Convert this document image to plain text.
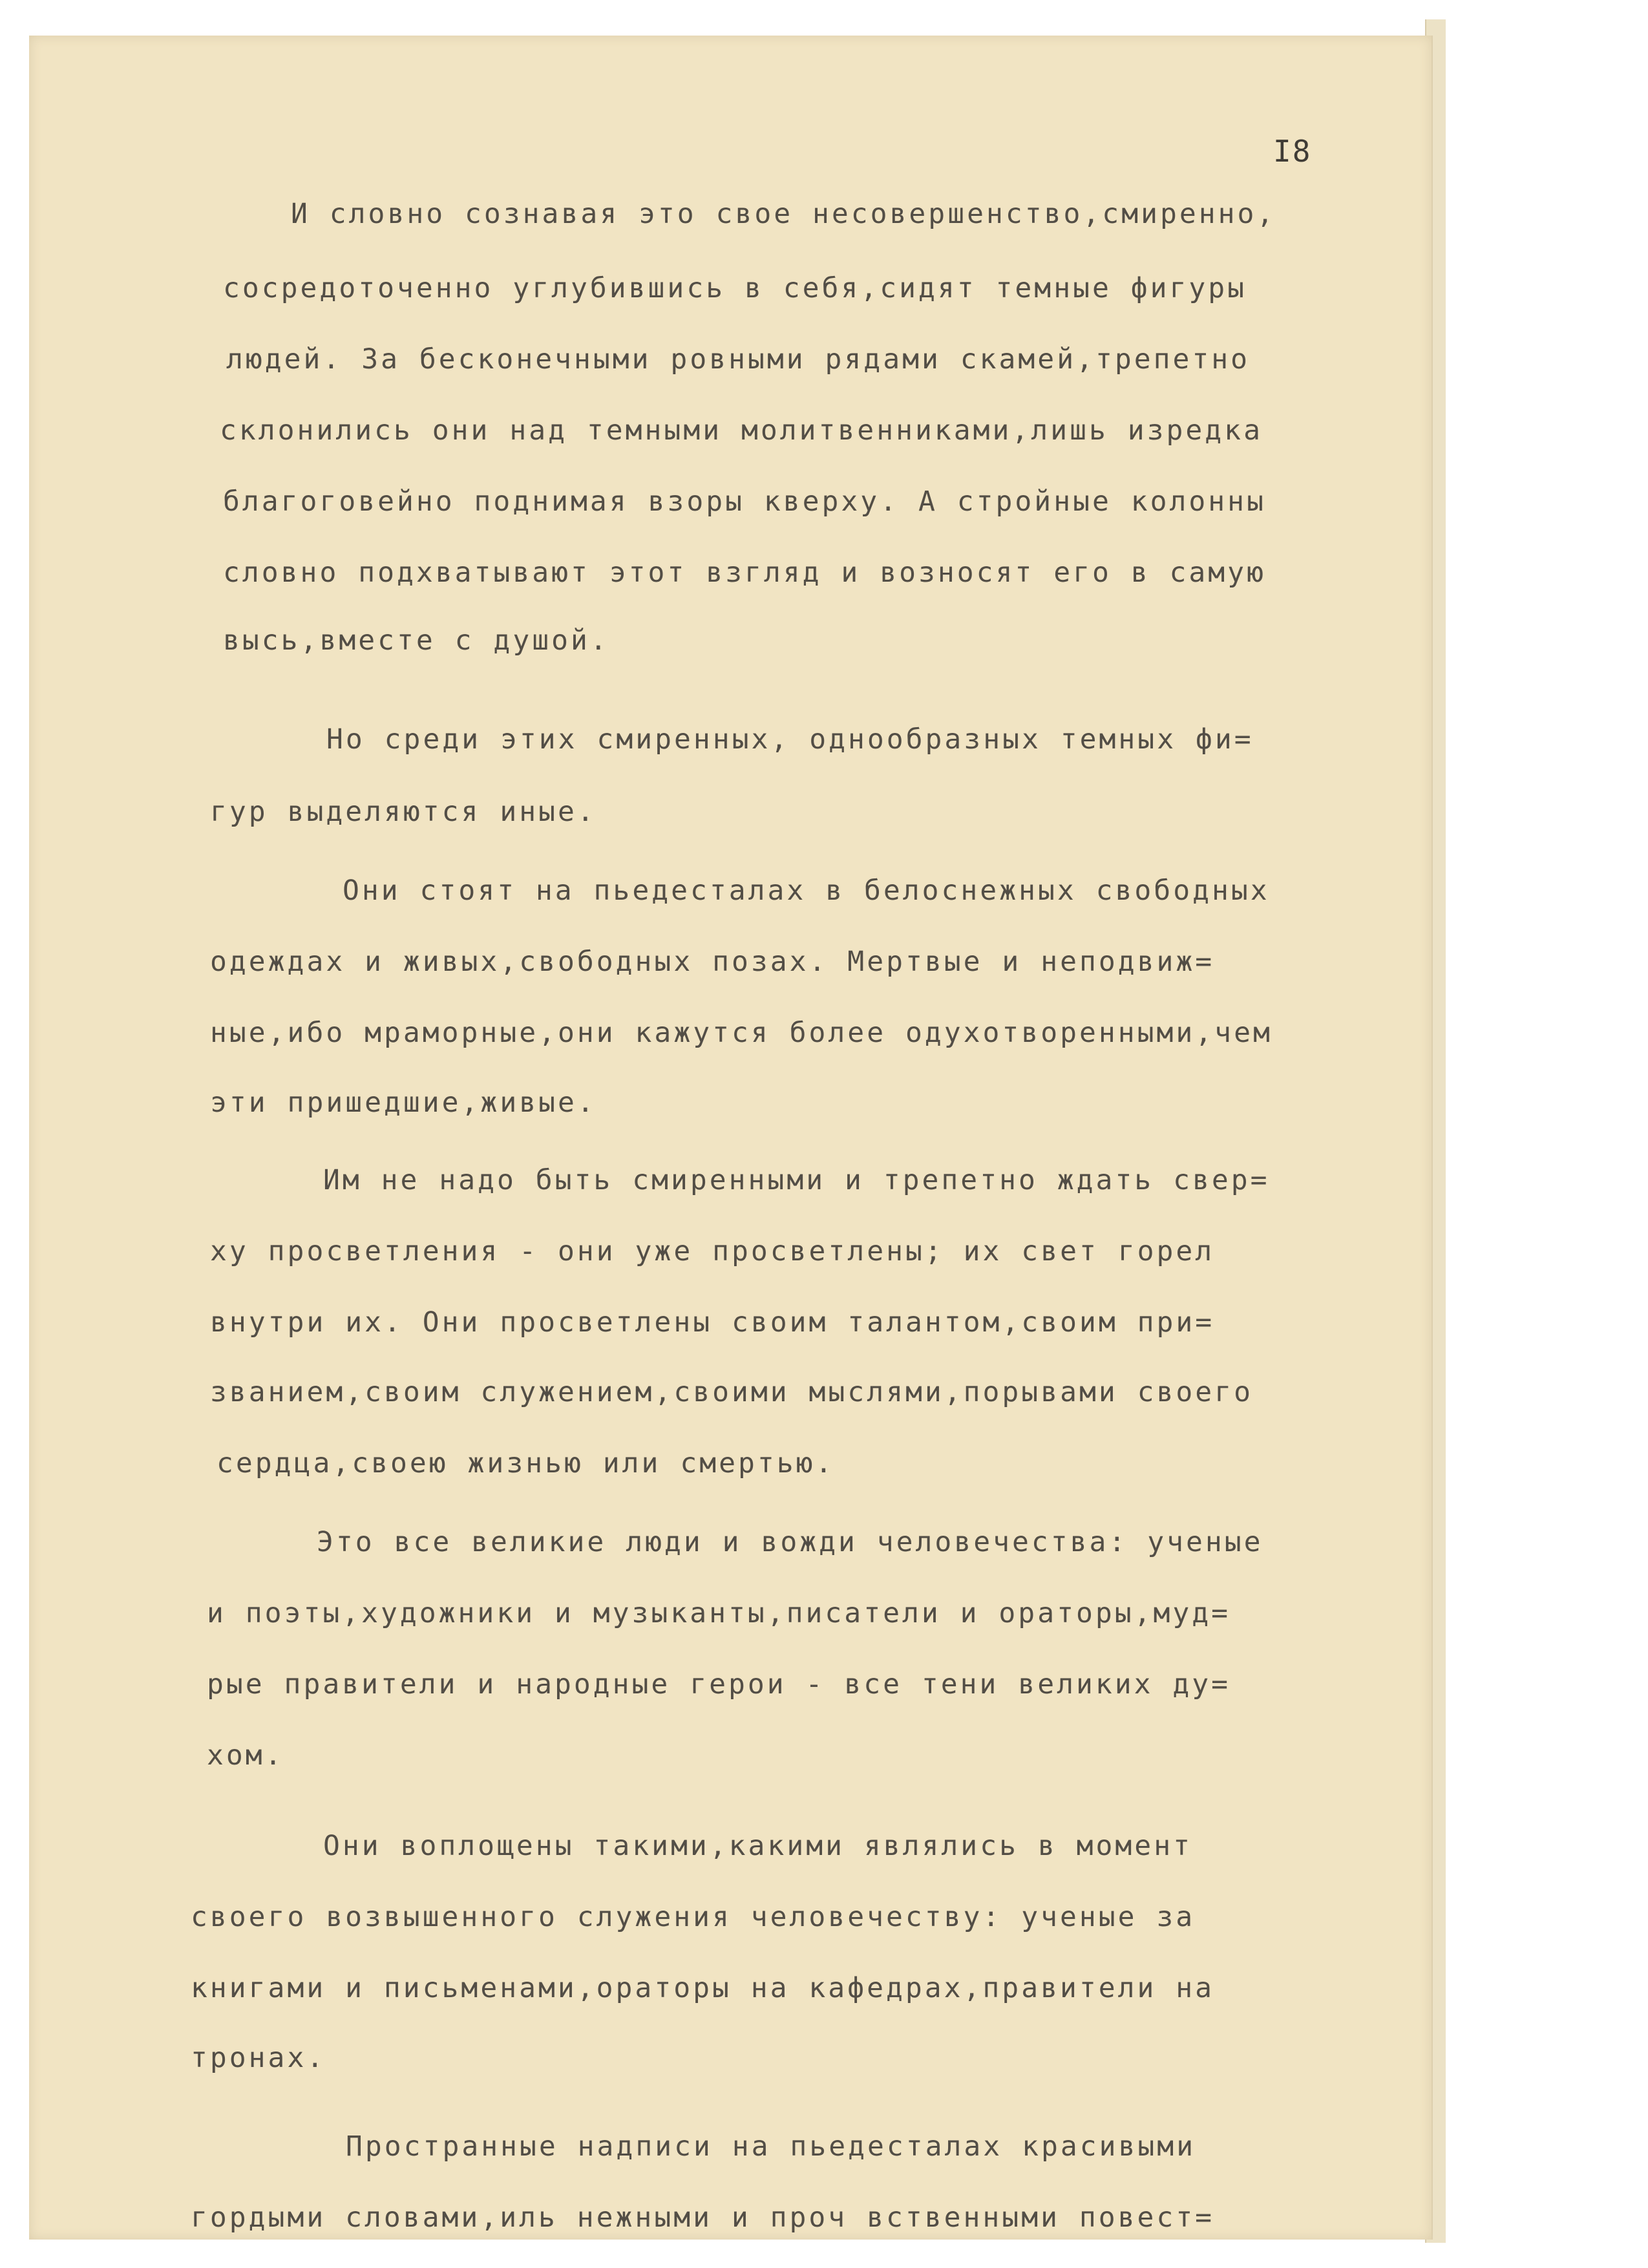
I8
И словно сознавая это свое несовершенство,смиренно,
сосредоточенно углубившись в себя,сидят темные фигуры
людей. За бесконечными ровными рядами скамей,трепетно
склонились они над темными молитвенниками,лишь изредка
благоговейно поднимая взоры кверху. А стройные колонны
словно подхватывают этот взгляд и возносят его в самую
высь,вместе с душой.
Но среди этих смиренных, однообразных темных фи=
гур выделяются иные.
Они стоят на пьедесталах в белоснежных свободных
одеждах и живых,свободных позах. Мертвые и неподвиж=
ные,ибо мраморные,они кажутся более одухотворенными,чем
эти пришедшие,живые.
Им не надо быть смиренными и трепетно ждать свер=
ху просветления - они уже просветлены; их свет горел
внутри их. Они просветлены своим талантом,своим при=
званием,своим служением,своими мыслями,порывами своего
сердца,своею жизнью или смертью.
Это все великие люди и вожди человечества: ученые
и поэты,художники и музыканты,писатели и ораторы,муд=
рые правители и народные герои - все тени великих ду=
хом.
Они воплощены такими,какими являлись в момент
своего возвышенного служения человечеству: ученые за
книгами и письменами,ораторы на кафедрах,правители на
тронах.
Пространные надписи на пьедесталах красивыми
гордыми словами,иль нежными и проч вственными повест=
